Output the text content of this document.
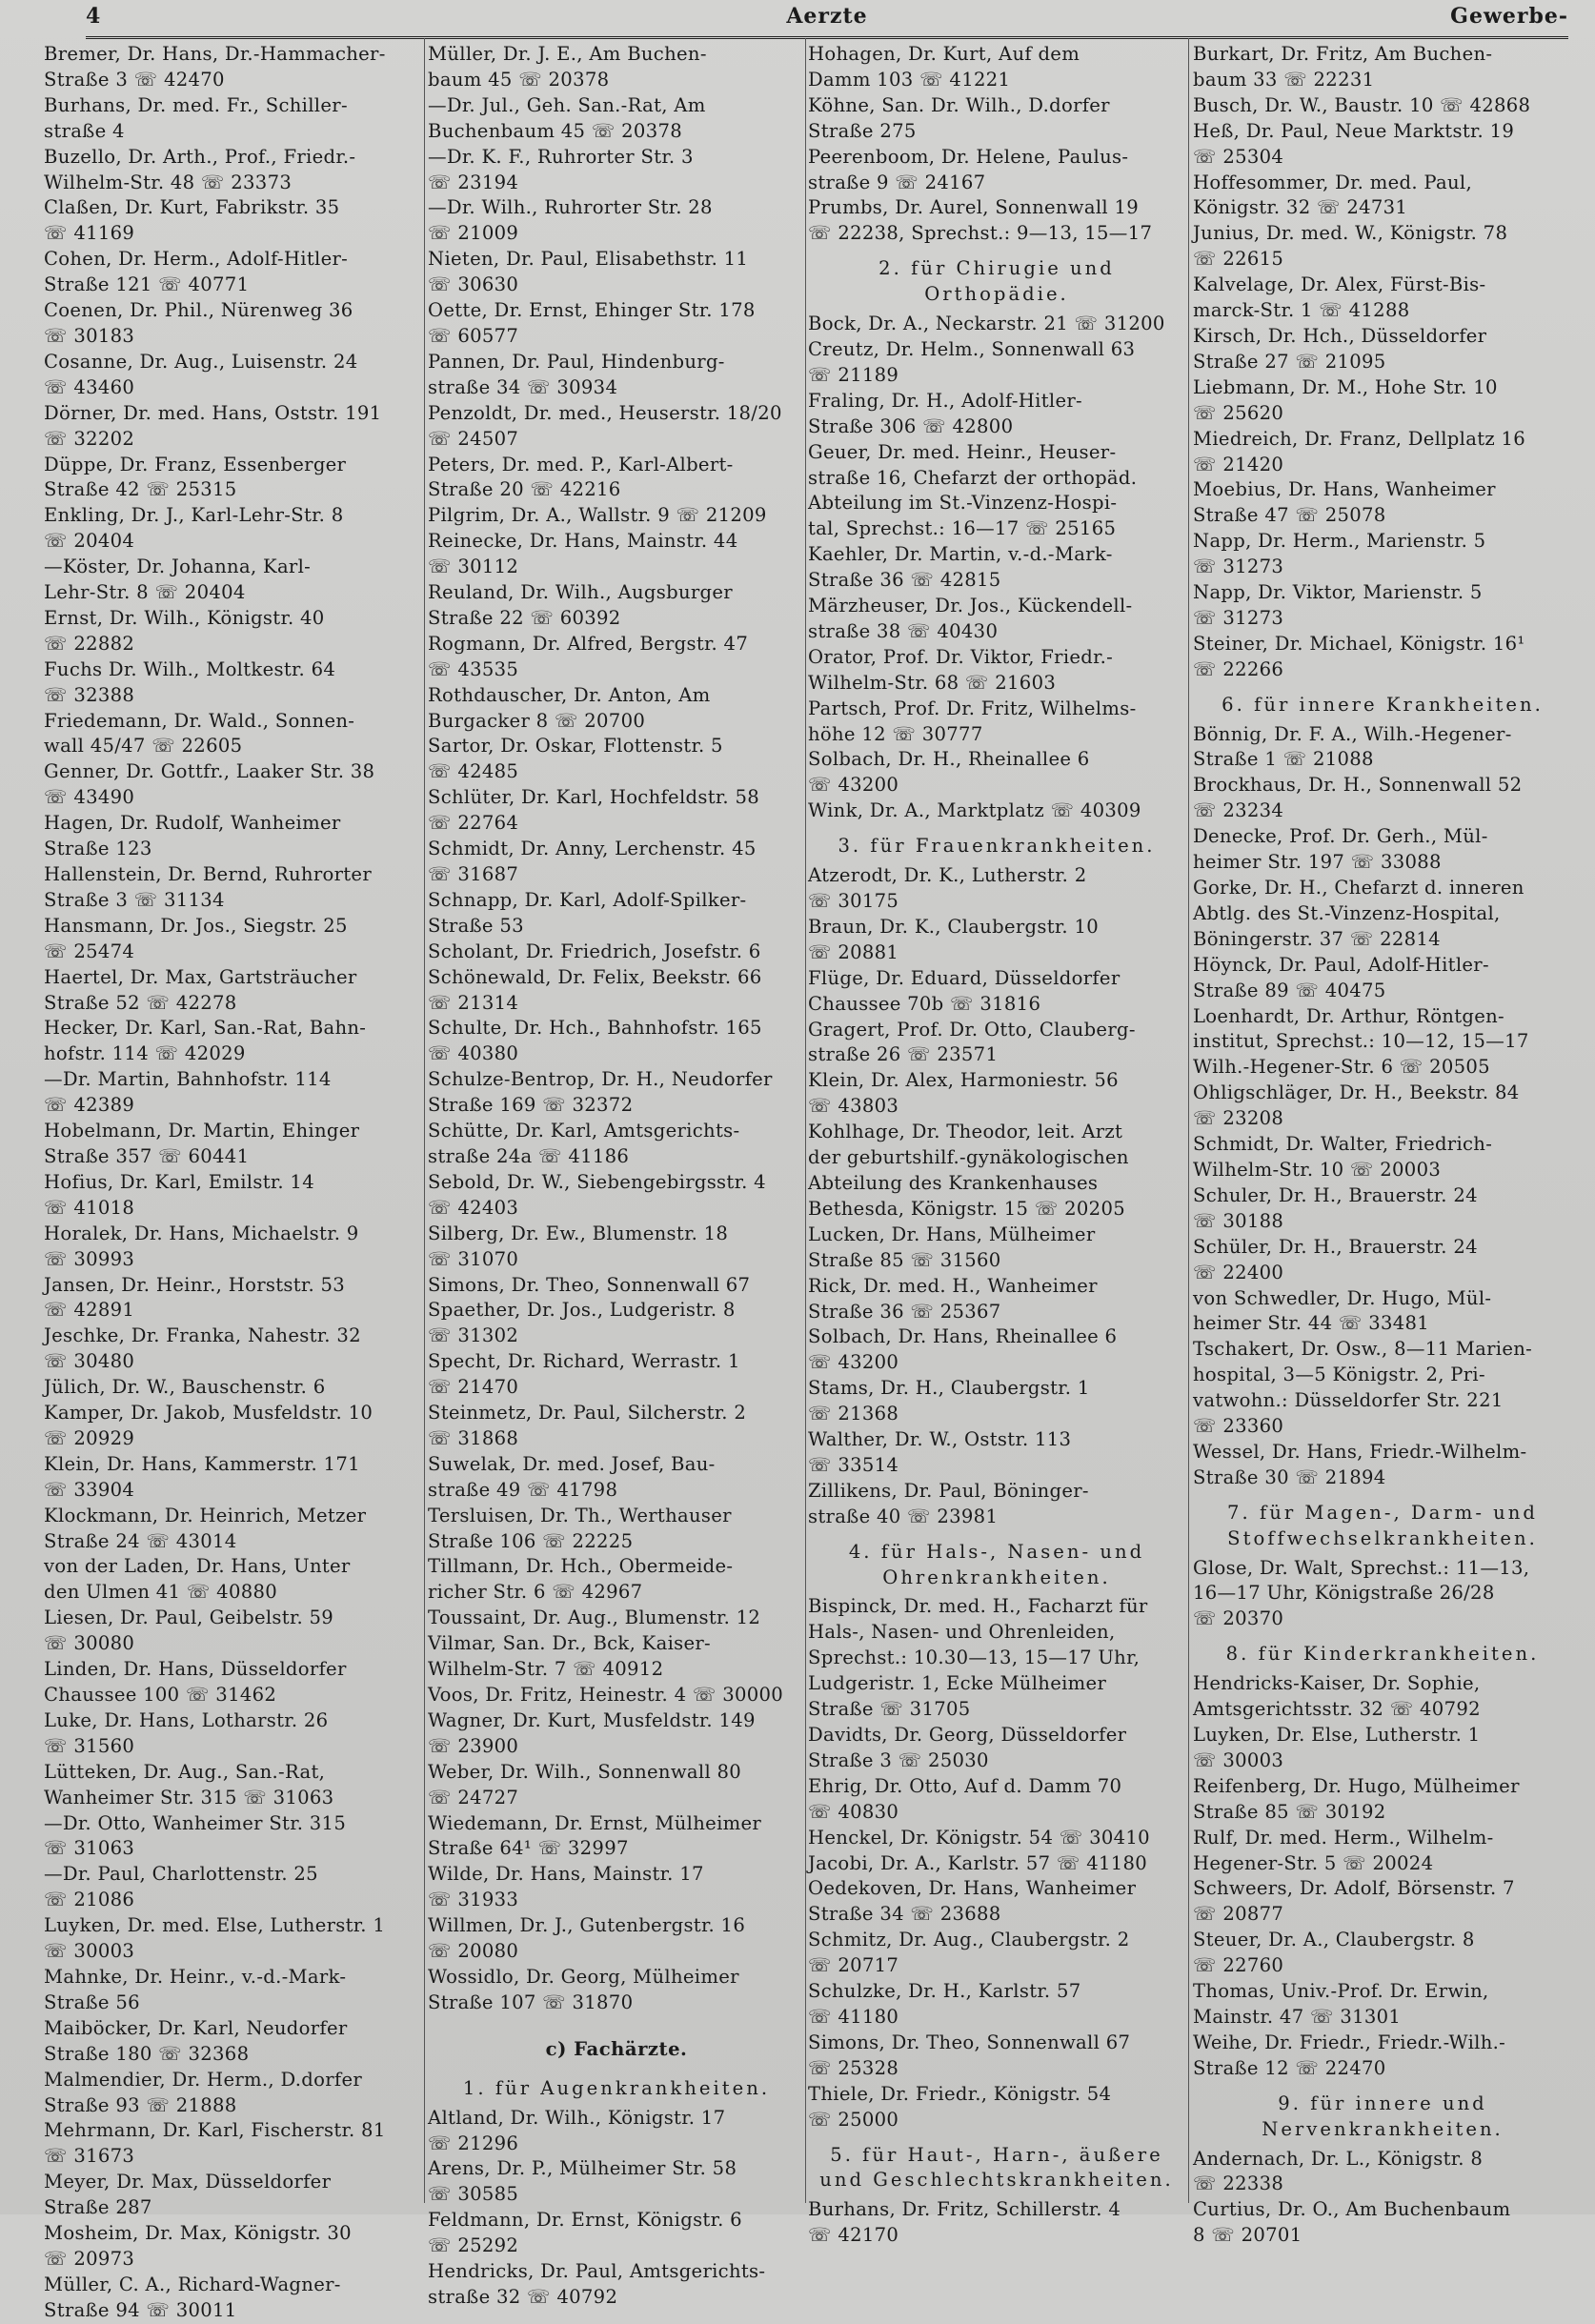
4	Aerzte	Gewerbe-
Bremer, Dr. Hans, Dr.-Hammacher-
Straße 3 ☏ 42470
Burhans, Dr. med. Fr., Schiller-
straße 4
Buzello, Dr. Arth., Prof., Friedr.-
Wilhelm-Str. 48 ☏ 23373
Claßen, Dr. Kurt, Fabrikstr. 35
☏ 41169
Cohen, Dr. Herm., Adolf-Hitler-
Straße 121 ☏ 40771
Coenen, Dr. Phil., Nürenweg 36
☏ 30183
Cosanne, Dr. Aug., Luisenstr. 24
☏ 43460
Dörner, Dr. med. Hans, Oststr. 191
☏ 32202
Düppe, Dr. Franz, Essenberger
Straße 42 ☏ 25315
Enkling, Dr. J., Karl-Lehr-Str. 8
☏ 20404
—Köster, Dr. Johanna, Karl-
Lehr-Str. 8 ☏ 20404
Ernst, Dr. Wilh., Königstr. 40
☏ 22882
Fuchs Dr. Wilh., Moltkestr. 64
☏ 32388
Friedemann, Dr. Wald., Sonnen-
wall 45/47 ☏ 22605
Genner, Dr. Gottfr., Laaker Str. 38
☏ 43490
Hagen, Dr. Rudolf, Wanheimer
Straße 123
Hallenstein, Dr. Bernd, Ruhrorter
Straße 3 ☏ 31134
Hansmann, Dr. Jos., Siegstr. 25
☏ 25474
Haertel, Dr. Max, Gartsträucher
Straße 52 ☏ 42278
Hecker, Dr. Karl, San.-Rat, Bahn-
hofstr. 114 ☏ 42029
—Dr. Martin, Bahnhofstr. 114
☏ 42389
Hobelmann, Dr. Martin, Ehinger
Straße 357 ☏ 60441
Hofius, Dr. Karl, Emilstr. 14
☏ 41018
Horalek, Dr. Hans, Michaelstr. 9
☏ 30993
Jansen, Dr. Heinr., Horststr. 53
☏ 42891
Jeschke, Dr. Franka, Nahestr. 32
☏ 30480
Jülich, Dr. W., Bauschenstr. 6
Kamper, Dr. Jakob, Musfeldstr. 10
☏ 20929
Klein, Dr. Hans, Kammerstr. 171
☏ 33904
Klockmann, Dr. Heinrich, Metzer
Straße 24 ☏ 43014
von der Laden, Dr. Hans, Unter
den Ulmen 41 ☏ 40880
Liesen, Dr. Paul, Geibelstr. 59
☏ 30080
Linden, Dr. Hans, Düsseldorfer
Chaussee 100 ☏ 31462
Luke, Dr. Hans, Lotharstr. 26
☏ 31560
Lütteken, Dr. Aug., San.-Rat,
Wanheimer Str. 315 ☏ 31063
—Dr. Otto, Wanheimer Str. 315
☏ 31063
—Dr. Paul, Charlottenstr. 25
☏ 21086
Luyken, Dr. med. Else, Lutherstr. 1
☏ 30003
Mahnke, Dr. Heinr., v.-d.-Mark-
Straße 56
Maiböcker, Dr. Karl, Neudorfer
Straße 180 ☏ 32368
Malmendier, Dr. Herm., D.dorfer
Straße 93 ☏ 21888
Mehrmann, Dr. Karl, Fischerstr. 81
☏ 31673
Meyer, Dr. Max, Düsseldorfer
Straße 287
Mosheim, Dr. Max, Königstr. 30
☏ 20973
Müller, C. A., Richard-Wagner-
Straße 94 ☏ 30011
Müller, Dr. J. E., Am Buchen-
baum 45 ☏ 20378
—Dr. Jul., Geh. San.-Rat, Am
Buchenbaum 45 ☏ 20378
—Dr. K. F., Ruhrorter Str. 3
☏ 23194
—Dr. Wilh., Ruhrorter Str. 28
☏ 21009
Nieten, Dr. Paul, Elisabethstr. 11
☏ 30630
Oette, Dr. Ernst, Ehinger Str. 178
☏ 60577
Pannen, Dr. Paul, Hindenburg-
straße 34 ☏ 30934
Penzoldt, Dr. med., Heuserstr. 18/20
☏ 24507
Peters, Dr. med. P., Karl-Albert-
Straße 20 ☏ 42216
Pilgrim, Dr. A., Wallstr. 9 ☏ 21209
Reinecke, Dr. Hans, Mainstr. 44
☏ 30112
Reuland, Dr. Wilh., Augsburger
Straße 22 ☏ 60392
Rogmann, Dr. Alfred, Bergstr. 47
☏ 43535
Rothdauscher, Dr. Anton, Am
Burgacker 8 ☏ 20700
Sartor, Dr. Oskar, Flottenstr. 5
☏ 42485
Schlüter, Dr. Karl, Hochfeldstr. 58
☏ 22764
Schmidt, Dr. Anny, Lerchenstr. 45
☏ 31687
Schnapp, Dr. Karl, Adolf-Spilker-
Straße 53
Scholant, Dr. Friedrich, Josefstr. 6
Schönewald, Dr. Felix, Beekstr. 66
☏ 21314
Schulte, Dr. Hch., Bahnhofstr. 165
☏ 40380
Schulze-Bentrop, Dr. H., Neudorfer
Straße 169 ☏ 32372
Schütte, Dr. Karl, Amtsgerichts-
straße 24a ☏ 41186
Sebold, Dr. W., Siebengebirgsstr. 4
☏ 42403
Silberg, Dr. Ew., Blumenstr. 18
☏ 31070
Simons, Dr. Theo, Sonnenwall 67
Spaether, Dr. Jos., Ludgeristr. 8
☏ 31302
Specht, Dr. Richard, Werrastr. 1
☏ 21470
Steinmetz, Dr. Paul, Silcherstr. 2
☏ 31868
Suwelak, Dr. med. Josef, Bau-
straße 49 ☏ 41798
Tersluisen, Dr. Th., Werthauser
Straße 106 ☏ 22225
Tillmann, Dr. Hch., Obermeide-
richer Str. 6 ☏ 42967
Toussaint, Dr. Aug., Blumenstr. 12
Vilmar, San. Dr., Bck, Kaiser-
Wilhelm-Str. 7 ☏ 40912
Voos, Dr. Fritz, Heinestr. 4 ☏ 30000
Wagner, Dr. Kurt, Musfeldstr. 149
☏ 23900
Weber, Dr. Wilh., Sonnenwall 80
☏ 24727
Wiedemann, Dr. Ernst, Mülheimer
Straße 64¹ ☏ 32997
Wilde, Dr. Hans, Mainstr. 17
☏ 31933
Willmen, Dr. J., Gutenbergstr. 16
☏ 20080
Wossidlo, Dr. Georg, Mülheimer
Straße 107 ☏ 31870
c) Fachärzte.
1. für Augenkrankheiten.
Altland, Dr. Wilh., Königstr. 17
☏ 21296
Arens, Dr. P., Mülheimer Str. 58
☏ 30585
Feldmann, Dr. Ernst, Königstr. 6
☏ 25292
Hendricks, Dr. Paul, Amtsgerichts-
straße 32 ☏ 40792
Hohagen, Dr. Kurt, Auf dem
Damm 103 ☏ 41221
Köhne, San. Dr. Wilh., D.dorfer
Straße 275
Peerenboom, Dr. Helene, Paulus-
straße 9 ☏ 24167
Prumbs, Dr. Aurel, Sonnenwall 19
☏ 22238, Sprechst.: 9—13, 15—17
2. für Chirugie und Orthopädie.
Bock, Dr. A., Neckarstr. 21 ☏ 31200
Creutz, Dr. Helm., Sonnenwall 63
☏ 21189
Fraling, Dr. H., Adolf-Hitler-
Straße 306 ☏ 42800
Geuer, Dr. med. Heinr., Heuser-
straße 16, Chefarzt der orthopäd.
Abteilung im St.-Vinzenz-Hospi-
tal, Sprechst.: 16—17 ☏ 25165
Kaehler, Dr. Martin, v.-d.-Mark-
Straße 36 ☏ 42815
Märzheuser, Dr. Jos., Kückendell-
straße 38 ☏ 40430
Orator, Prof. Dr. Viktor, Friedr.-
Wilhelm-Str. 68 ☏ 21603
Partsch, Prof. Dr. Fritz, Wilhelms-
höhe 12 ☏ 30777
Solbach, Dr. H., Rheinallee 6
☏ 43200
Wink, Dr. A., Marktplatz ☏ 40309
3. für Frauenkrankheiten.
Atzerodt, Dr. K., Lutherstr. 2
☏ 30175
Braun, Dr. K., Claubergstr. 10
☏ 20881
Flüge, Dr. Eduard, Düsseldorfer
Chaussee 70b ☏ 31816
Gragert, Prof. Dr. Otto, Clauberg-
straße 26 ☏ 23571
Klein, Dr. Alex, Harmoniestr. 56
☏ 43803
Kohlhage, Dr. Theodor, leit. Arzt
der geburtshilf.-gynäkologischen
Abteilung des Krankenhauses
Bethesda, Königstr. 15 ☏ 20205
Lucken, Dr. Hans, Mülheimer
Straße 85 ☏ 31560
Rick, Dr. med. H., Wanheimer
Straße 36 ☏ 25367
Solbach, Dr. Hans, Rheinallee 6
☏ 43200
Stams, Dr. H., Claubergstr. 1
☏ 21368
Walther, Dr. W., Oststr. 113
☏ 33514
Zillikens, Dr. Paul, Böninger-
straße 40 ☏ 23981
4. für Hals-, Nasen- und Ohrenkrankheiten.
Bispinck, Dr. med. H., Facharzt für
Hals-, Nasen- und Ohrenleiden,
Sprechst.: 10.30—13, 15—17 Uhr,
Ludgeristr. 1, Ecke Mülheimer
Straße ☏ 31705
Davidts, Dr. Georg, Düsseldorfer
Straße 3 ☏ 25030
Ehrig, Dr. Otto, Auf d. Damm 70
☏ 40830
Henckel, Dr. Königstr. 54 ☏ 30410
Jacobi, Dr. A., Karlstr. 57 ☏ 41180
Oedekoven, Dr. Hans, Wanheimer
Straße 34 ☏ 23688
Schmitz, Dr. Aug., Claubergstr. 2
☏ 20717
Schulzke, Dr. H., Karlstr. 57
☏ 41180
Simons, Dr. Theo, Sonnenwall 67
☏ 25328
Thiele, Dr. Friedr., Königstr. 54
☏ 25000
5. für Haut-, Harn-, äußere und Geschlechtskrankheiten.
Burhans, Dr. Fritz, Schillerstr. 4
☏ 42170
Burkart, Dr. Fritz, Am Buchen-
baum 33 ☏ 22231
Busch, Dr. W., Baustr. 10 ☏ 42868
Heß, Dr. Paul, Neue Marktstr. 19
☏ 25304
Hoffesommer, Dr. med. Paul,
Königstr. 32 ☏ 24731
Junius, Dr. med. W., Königstr. 78
☏ 22615
Kalvelage, Dr. Alex, Fürst-Bis-
marck-Str. 1 ☏ 41288
Kirsch, Dr. Hch., Düsseldorfer
Straße 27 ☏ 21095
Liebmann, Dr. M., Hohe Str. 10
☏ 25620
Miedreich, Dr. Franz, Dellplatz 16
☏ 21420
Moebius, Dr. Hans, Wanheimer
Straße 47 ☏ 25078
Napp, Dr. Herm., Marienstr. 5
☏ 31273
Napp, Dr. Viktor, Marienstr. 5
☏ 31273
Steiner, Dr. Michael, Königstr. 16¹
☏ 22266
6. für innere Krankheiten.
Bönnig, Dr. F. A., Wilh.-Hegener-
Straße 1 ☏ 21088
Brockhaus, Dr. H., Sonnenwall 52
☏ 23234
Denecke, Prof. Dr. Gerh., Mül-
heimer Str. 197 ☏ 33088
Gorke, Dr. H., Chefarzt d. inneren
Abtlg. des St.-Vinzenz-Hospital,
Böningerstr. 37 ☏ 22814
Höynck, Dr. Paul, Adolf-Hitler-
Straße 89 ☏ 40475
Loenhardt, Dr. Arthur, Röntgen-
institut, Sprechst.: 10—12, 15—17
Wilh.-Hegener-Str. 6 ☏ 20505
Ohligschläger, Dr. H., Beekstr. 84
☏ 23208
Schmidt, Dr. Walter, Friedrich-
Wilhelm-Str. 10 ☏ 20003
Schuler, Dr. H., Brauerstr. 24
☏ 30188
Schüler, Dr. H., Brauerstr. 24
☏ 22400
von Schwedler, Dr. Hugo, Mül-
heimer Str. 44 ☏ 33481
Tschakert, Dr. Osw., 8—11 Marien-
hospital, 3—5 Königstr. 2, Pri-
vatwohn.: Düsseldorfer Str. 221
☏ 23360
Wessel, Dr. Hans, Friedr.-Wilhelm-
Straße 30 ☏ 21894
7. für Magen-, Darm- und Stoffwechselkrankheiten.
Glose, Dr. Walt, Sprechst.: 11—13,
16—17 Uhr, Königstraße 26/28
☏ 20370
8. für Kinderkrankheiten.
Hendricks-Kaiser, Dr. Sophie,
Amtsgerichtsstr. 32 ☏ 40792
Luyken, Dr. Else, Lutherstr. 1
☏ 30003
Reifenberg, Dr. Hugo, Mülheimer
Straße 85 ☏ 30192
Rulf, Dr. med. Herm., Wilhelm-
Hegener-Str. 5 ☏ 20024
Schweers, Dr. Adolf, Börsenstr. 7
☏ 20877
Steuer, Dr. A., Claubergstr. 8
☏ 22760
Thomas, Univ.-Prof. Dr. Erwin,
Mainstr. 47 ☏ 31301
Weihe, Dr. Friedr., Friedr.-Wilh.-
Straße 12 ☏ 22470
9. für innere und Nervenkrankheiten.
Andernach, Dr. L., Königstr. 8
☏ 22338
Curtius, Dr. O., Am Buchenbaum
8 ☏ 20701
